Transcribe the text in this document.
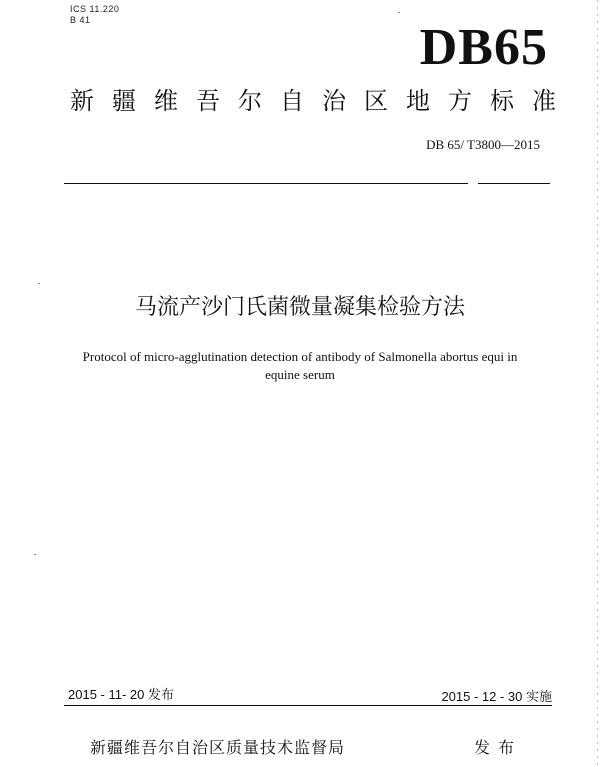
ICS 11.220
B 41	DB65
新疆维吾尔自治区地方标准
DB 65/ T3800—2015
马流产沙门氏菌微量凝集检验方法
Protocol of micro-agglutination detection of antibody of Salmonella abortus equi in
equine serum
2015 - 11- 20 发布	2015 - 12 - 30 实施
新疆维吾尔自治区质量技术监督局	发布
